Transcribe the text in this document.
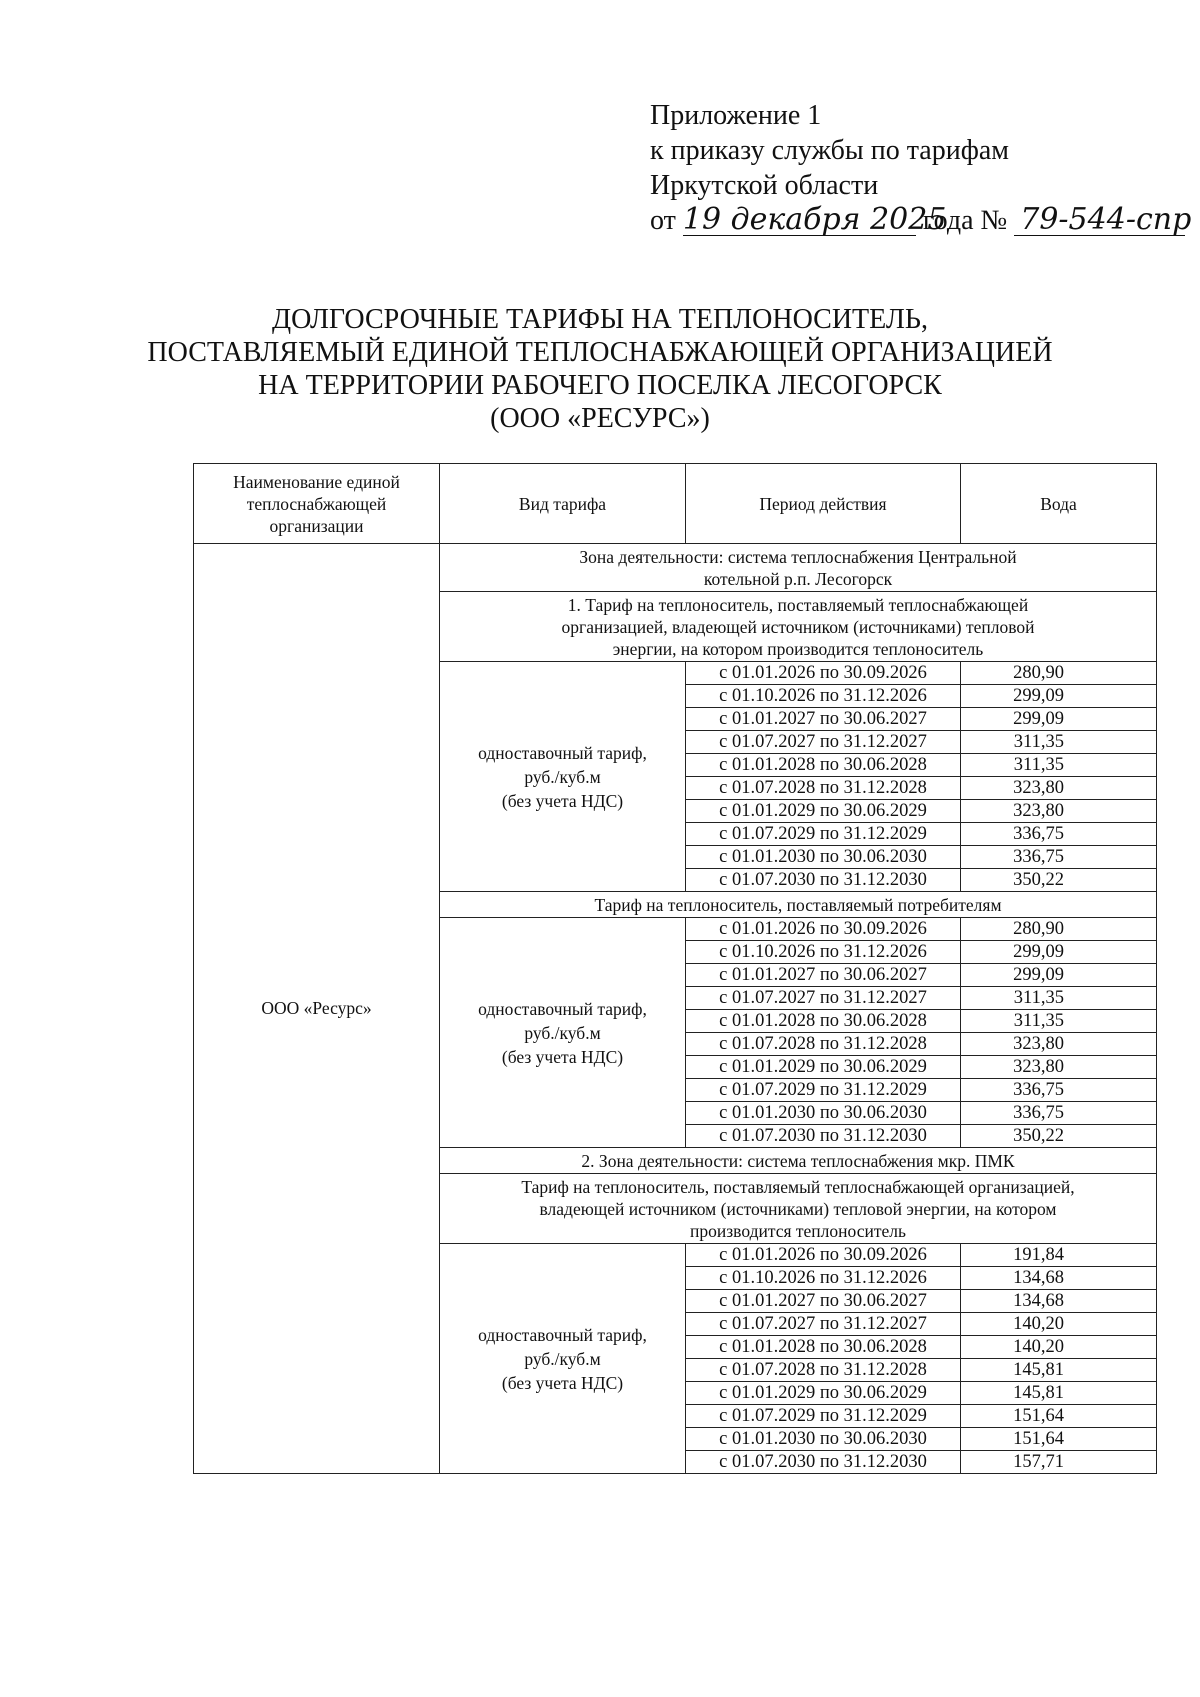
Приложение 1
к приказу службы по тарифам
Иркутской области
от 19 декабря 2025 года № 79-544-спр
ДОЛГОСРОЧНЫЕ ТАРИФЫ НА ТЕПЛОНОСИТЕЛЬ,
ПОСТАВЛЯЕМЫЙ ЕДИНОЙ ТЕПЛОСНАБЖАЮЩЕЙ ОРГАНИЗАЦИЕЙ
НА ТЕРРИТОРИИ РАБОЧЕГО ПОСЕЛКА ЛЕСОГОРСК
(ООО «РЕСУРС»)
Наименование единой
теплоснабжающей
организации	Вид тарифа	Период действия	Вода
ООО «Ресурс»	Зона деятельности: система теплоснабжения Центральной
котельной р.п. Лесогорск		

	1. Тариф на теплоноситель, поставляемый теплоснабжающей
организацией, владеющей источником (источниками) тепловой
энергии, на котором производится теплоноситель		

	одноставочный тариф,
руб./куб.м
(без учета НДС)	с 01.01.2026 по 30.09.2026	280,90
		с 01.10.2026 по 31.12.2026	299,09
		с 01.01.2027 по 30.06.2027	299,09
		с 01.07.2027 по 31.12.2027	311,35
		с 01.01.2028 по 30.06.2028	311,35
		с 01.07.2028 по 31.12.2028	323,80
		с 01.01.2029 по 30.06.2029	323,80
		с 01.07.2029 по 31.12.2029	336,75
		с 01.01.2030 по 30.06.2030	336,75
		с 01.07.2030 по 31.12.2030	350,22

	Тариф на теплоноситель, поставляемый потребителям		

	одноставочный тариф,
руб./куб.м
(без учета НДС)	с 01.01.2026 по 30.09.2026	280,90
		с 01.10.2026 по 31.12.2026	299,09
		с 01.01.2027 по 30.06.2027	299,09
		с 01.07.2027 по 31.12.2027	311,35
		с 01.01.2028 по 30.06.2028	311,35
		с 01.07.2028 по 31.12.2028	323,80
		с 01.01.2029 по 30.06.2029	323,80
		с 01.07.2029 по 31.12.2029	336,75
		с 01.01.2030 по 30.06.2030	336,75
		с 01.07.2030 по 31.12.2030	350,22

	2. Зона деятельности: система теплоснабжения мкр. ПМК		

	Тариф на теплоноситель, поставляемый теплоснабжающей организацией,
владеющей источником (источниками) тепловой энергии, на котором
производится теплоноситель		

	одноставочный тариф,
руб./куб.м
(без учета НДС)	с 01.01.2026 по 30.09.2026	191,84
		с 01.10.2026 по 31.12.2026	134,68
		с 01.01.2027 по 30.06.2027	134,68
		с 01.07.2027 по 31.12.2027	140,20
		с 01.01.2028 по 30.06.2028	140,20
		с 01.07.2028 по 31.12.2028	145,81
		с 01.01.2029 по 30.06.2029	145,81
		с 01.07.2029 по 31.12.2029	151,64
		с 01.01.2030 по 30.06.2030	151,64
		с 01.07.2030 по 31.12.2030	157,71
